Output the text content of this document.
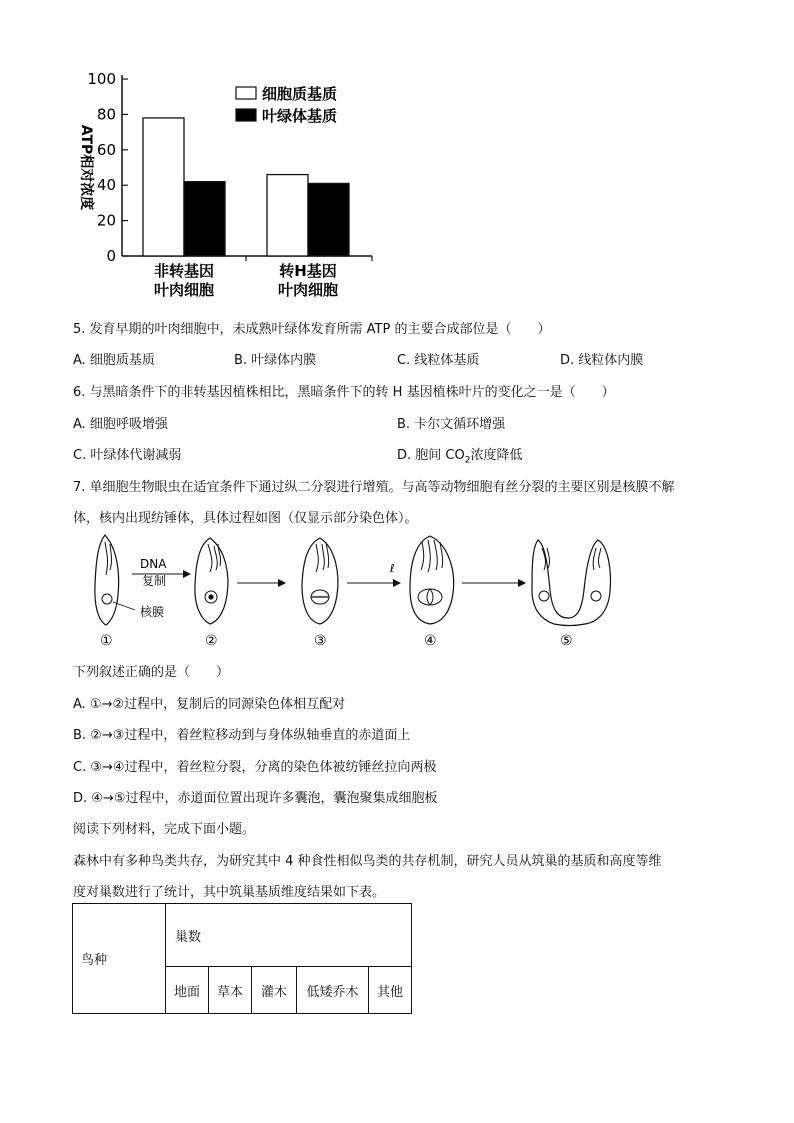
0
20
40
60
80
100
ATP相对浓度
非转基因
叶肉细胞
转H基因
叶肉细胞
细胞质基质
叶绿体基质
5. 发育早期的叶肉细胞中，未成熟叶绿体发育所需 ATP 的主要合成部位是（　　）
A. 细胞质基质	B. 叶绿体内膜	C. 线粒体基质	D. 线粒体内膜
6. 与黑暗条件下的非转基因植株相比，黑暗条件下的转 H 基因植株叶片的变化之一是（　　）
A. 细胞呼吸增强	B. 卡尔文循环增强
C. 叶绿体代谢减弱	D. 胞间 $CO_2$浓度降低
7. 单细胞生物眼虫在适宜条件下通过纵二分裂进行增殖。与高等动物细胞有丝分裂的主要区别是核膜不解
体，核内出现纺锤体，具体过程如图（仅显示部分染色体）。
核膜
DNA
复制
ℓ
①	②	③	④	⑤
下列叙述正确的是（　　）
A. ①→②过程中，复制后的同源染色体相互配对
B. ②→③过程中，着丝粒移动到与身体纵轴垂直的赤道面上
C. ③→④过程中，着丝粒分裂，分离的染色体被纺锤丝拉向两极
D. ④→⑤过程中，赤道面位置出现许多囊泡，囊泡聚集成细胞板
阅读下列材料，完成下面小题。
森林中有多种鸟类共存，为研究其中 4 种食性相似鸟类的共存机制，研究人员从筑巢的基质和高度等维
度对巢数进行了统计，其中筑巢基质维度结果如下表。
鸟种	巢数				
	地面	草本	灌木	低矮乔木	其他
